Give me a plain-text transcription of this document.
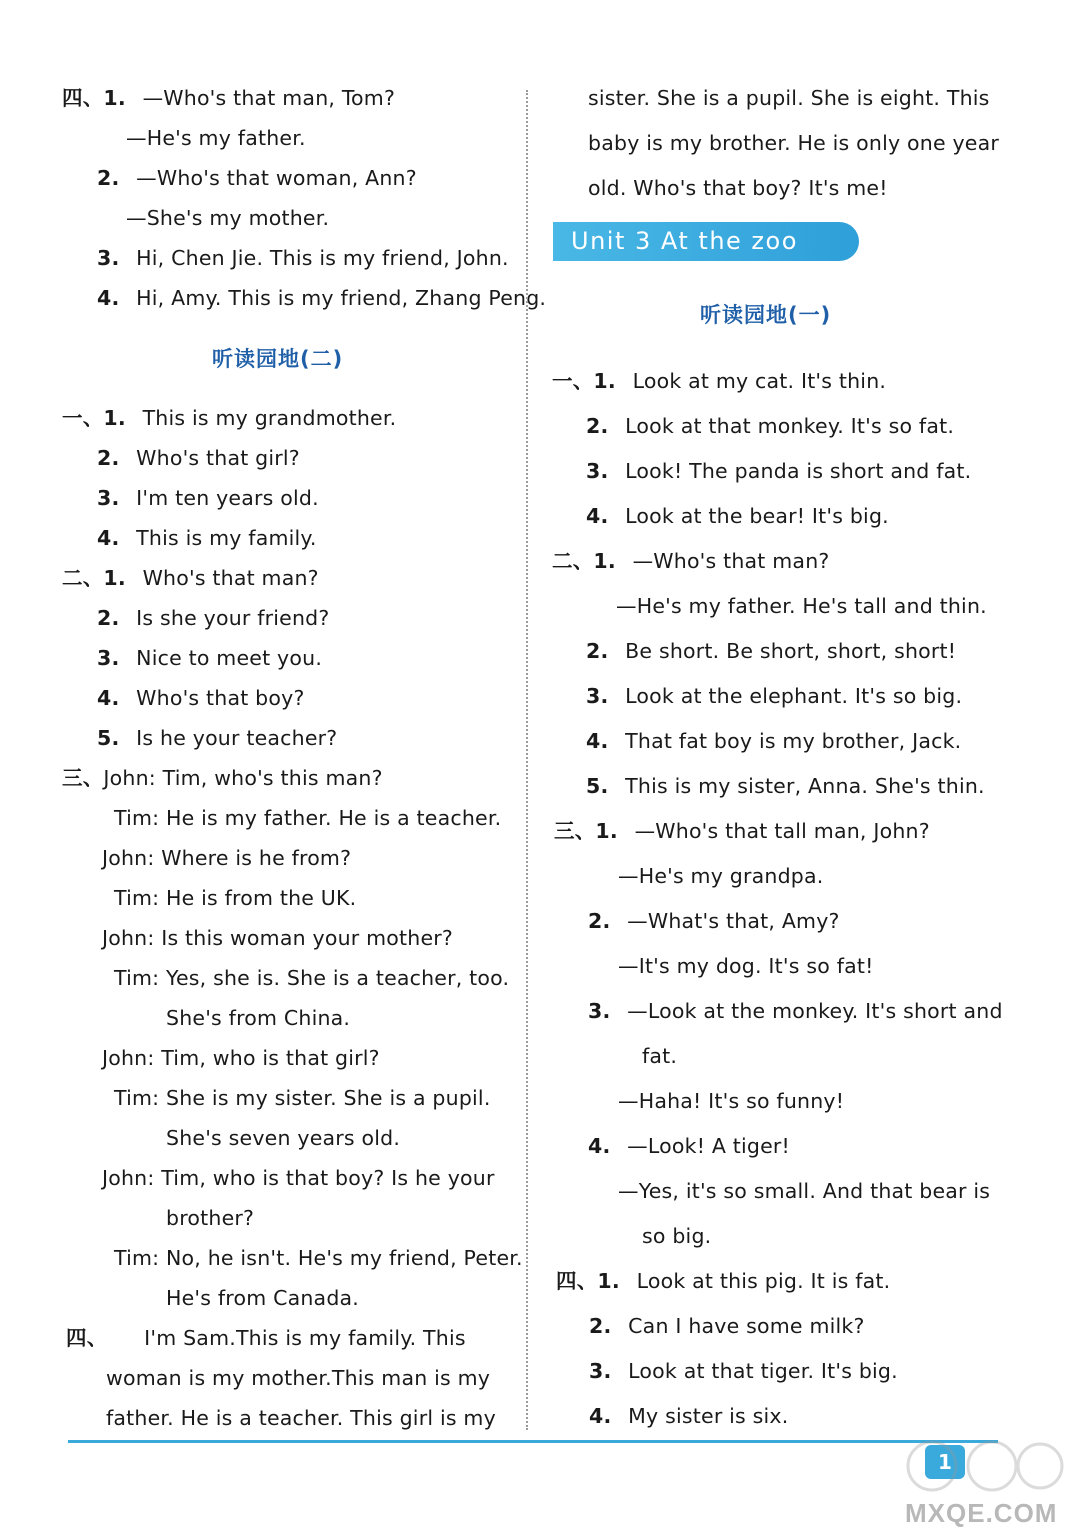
四、1. —Who's that man, Tom?
—He's my father.
2. —Who's that woman, Ann?
—She's my mother.
3. Hi, Chen Jie. This is my friend, John.
4. Hi, Amy. This is my friend, Zhang Peng.
听读园地(二)
一、1. This is my grandmother.
2. Who's that girl?
3. I'm ten years old.
4. This is my family.
二、1. Who's that man?
2. Is she your friend?
3. Nice to meet you.
4. Who's that boy?
5. Is he your teacher?
三、John: Tim, who's this man?
Tim: He is my father. He is a teacher.
John: Where is he from?
Tim: He is from the UK.
John: Is this woman your mother?
Tim: Yes, she is. She is a teacher, too.
She's from China.
John: Tim, who is that girl?
Tim: She is my sister. She is a pupil.
She's seven years old.
John: Tim, who is that boy? Is he your
brother?
Tim: No, he isn't. He's my friend, Peter.
He's from Canada.
四、 I'm Sam.This is my family. This
woman is my mother.This man is my
father. He is a teacher. This girl is my
sister. She is a pupil. She is eight. This
baby is my brother. He is only one year
old. Who's that boy? It's me!
Unit 3 At the zoo
听读园地(一)
一、1. Look at my cat. It's thin.
2. Look at that monkey. It's so fat.
3. Look! The panda is short and fat.
4. Look at the bear! It's big.
二、1. —Who's that man?
—He's my father. He's tall and thin.
2. Be short. Be short, short, short!
3. Look at the elephant. It's so big.
4. That fat boy is my brother, Jack.
5. This is my sister, Anna. She's thin.
三、1. —Who's that tall man, John?
—He's my grandpa.
2. —What's that, Amy?
—It's my dog. It's so fat!
3. —Look at the monkey. It's short and
fat.
—Haha! It's so funny!
4. —Look! A tiger!
—Yes, it's so small. And that bear is
so big.
四、1. Look at this pig. It is fat.
2. Can I have some milk?
3. Look at that tiger. It's big.
4. My sister is six.
1
MXQE.COM
